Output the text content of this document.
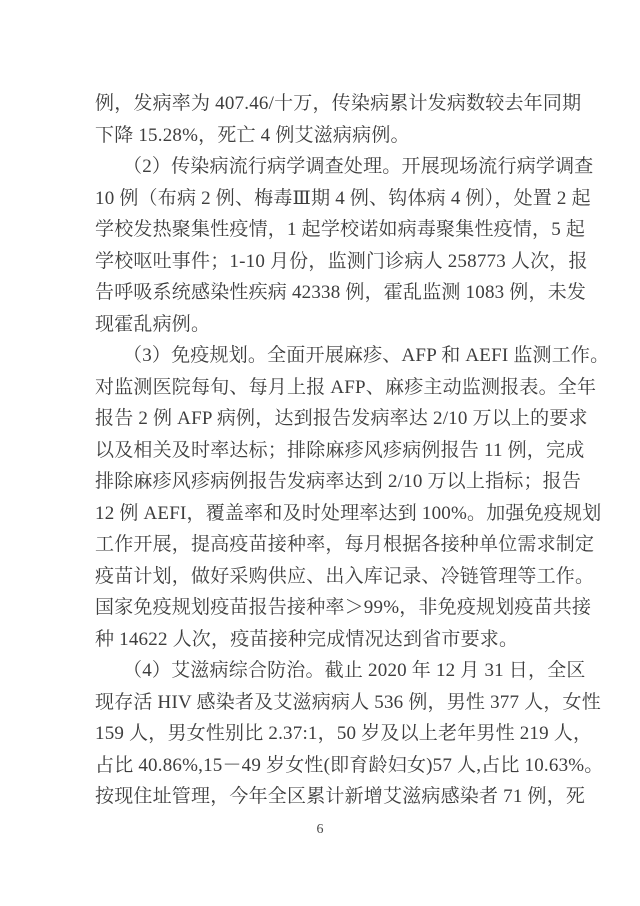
例，发病率为 407.46/十万，传染病累计发病数较去年同期

下降 15.28%，死亡 4 例艾滋病病例。

（2）传染病流行病学调查处理。开展现场流行病学调查

10 例（布病 2 例、梅毒Ⅲ期 4 例、钩体病 4 例），处置 2 起

学校发热聚集性疫情，1 起学校诺如病毒聚集性疫情，5 起

学校呕吐事件；1-10 月份，监测门诊病人 258773 人次，报

告呼吸系统感染性疾病 42338 例，霍乱监测 1083 例，未发

现霍乱病例。

（3）免疫规划。全面开展麻疹、AFP 和 AEFI 监测工作。

对监测医院每旬、每月上报 AFP、麻疹主动监测报表。全年

报告 2 例 AFP 病例，达到报告发病率达 2/10 万以上的要求

以及相关及时率达标；排除麻疹风疹病例报告 11 例，完成

排除麻疹风疹病例报告发病率达到 2/10 万以上指标；报告

12 例 AEFI，覆盖率和及时处理率达到 100%。加强免疫规划

工作开展，提高疫苗接种率，每月根据各接种单位需求制定

疫苗计划，做好采购供应、出入库记录、冷链管理等工作。

国家免疫规划疫苗报告接种率＞99%，非免疫规划疫苗共接

种 14622 人次，疫苗接种完成情况达到省市要求。

（4）艾滋病综合防治。截止 2020 年 12 月 31 日，全区

现存活 HIV 感染者及艾滋病病人 536 例，男性 377 人，女性

159 人，男女性别比 2.37:1，50 岁及以上老年男性 219 人，

占比 40.86%,15－49 岁女性(即育龄妇女)57 人,占比 10.63%。

按现住址管理，今年全区累计新增艾滋病感染者 71 例，死

6
